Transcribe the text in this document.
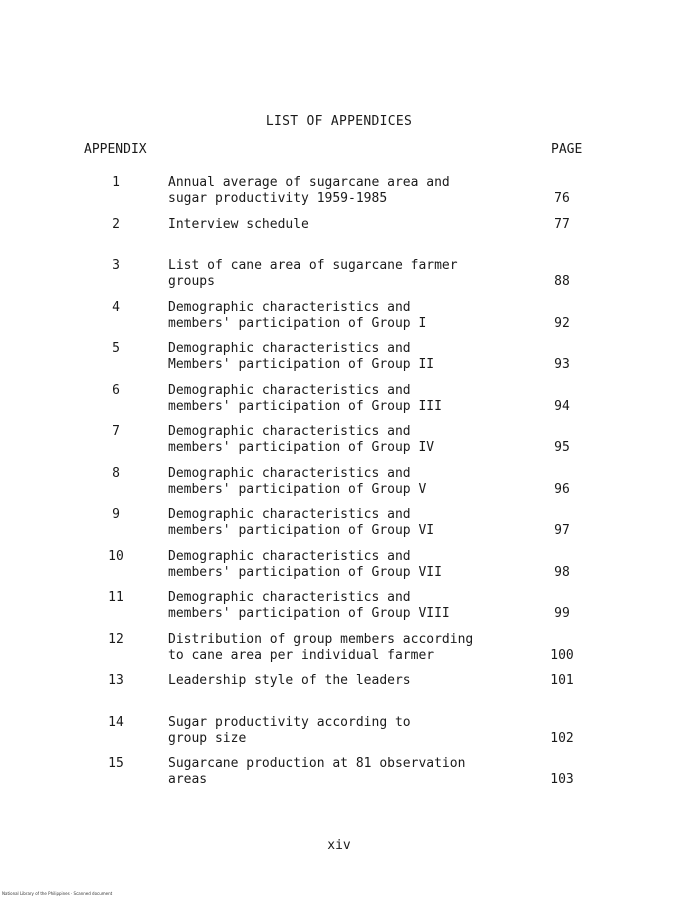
LIST OF APPENDICES
APPENDIX	PAGE
1	Annual average of sugarcane area and
sugar productivity 1959-1985	76
2	Interview schedule	77
3	List of cane area of sugarcane farmer
groups	88
4	Demographic characteristics and
members' participation of Group I	92
5	Demographic characteristics and
Members' participation of Group II	93
6	Demographic characteristics and
members' participation of Group III	94
7	Demographic characteristics and
members' participation of Group IV	95
8	Demographic characteristics and
members' participation of Group V	96
9	Demographic characteristics and
members' participation of Group VI	97
10	Demographic characteristics and
members' participation of Group VII	98
11	Demographic characteristics and
members' participation of Group VIII	99
12	Distribution of group members according
to cane area per individual farmer	100
13	Leadership style of the leaders	101
14	Sugar productivity according to
group size	102
15	Sugarcane production at 81 observation
areas	103
xiv
National Library of the Philippines · Scanned document
